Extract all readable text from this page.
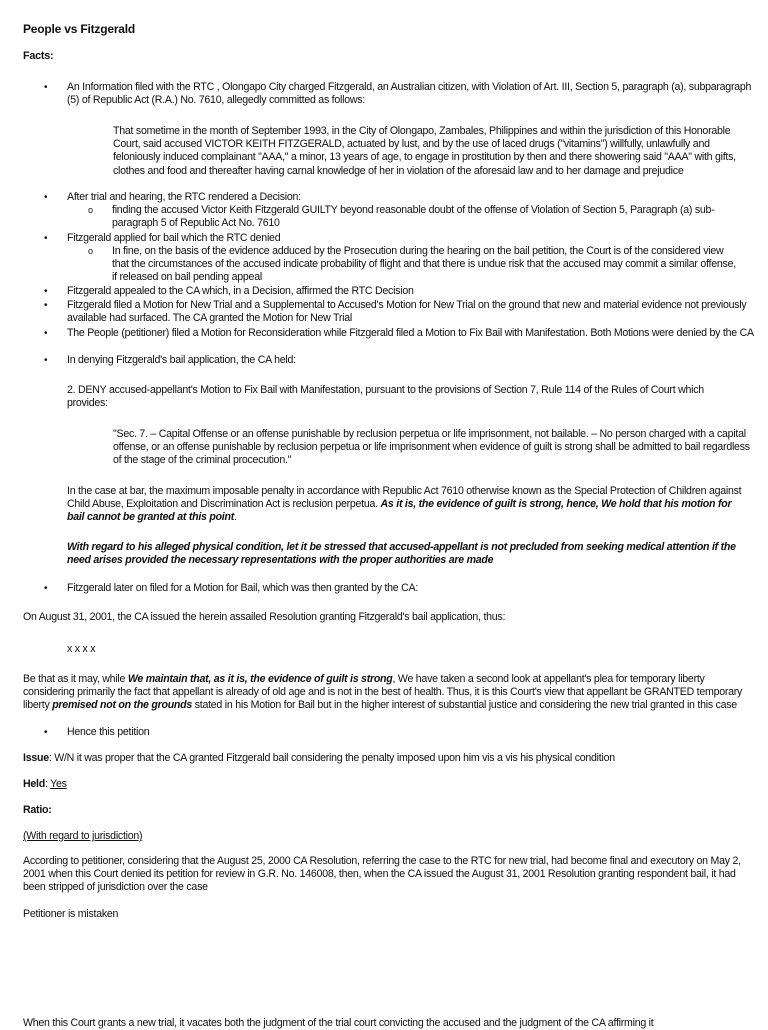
People vs Fitzgerald
Facts:
•	An Information filed with the RTC , Olongapo City charged Fitzgerald, an Australian citizen, with Violation of Art. III, Section 5, paragraph (a), subparagraph (5) of Republic Act (R.A.) No. 7610, allegedly committed as follows:
That sometime in the month of September 1993, in the City of Olongapo, Zambales, Philippines and within the jurisdiction of this Honorable Court, said accused VICTOR KEITH FITZGERALD, actuated by lust, and by the use of laced drugs ("vitamins") willfully, unlawfully and feloniously induced complainant "AAA," a minor, 13 years of age, to engage in prostitution by then and there showering said "AAA" with gifts, clothes and food and thereafter having carnal knowledge of her in violation of the aforesaid law and to her damage and prejudice
•	After trial and hearing, the RTC rendered a Decision:
o finding the accused Victor Keith Fitzgerald GUILTY beyond reasonable doubt of the offense of Violation of Section 5, Paragraph (a) sub-paragraph 5 of Republic Act No. 7610
•	Fitzgerald applied for bail which the RTC denied
o In fine, on the basis of the evidence adduced by the Prosecution during the hearing on the bail petition, the Court is of the considered view that the circumstances of the accused indicate probability of flight and that there is undue risk that the accused may commit a similar offense, if released on bail pending appeal
•	Fitzgerald appealed to the CA which, in a Decision, affirmed the RTC Decision
•	Fitzgerald filed a Motion for New Trial and a Supplemental to Accused's Motion for New Trial on the ground that new and material evidence not previously available had surfaced. The CA granted the Motion for New Trial
•	The People (petitioner) filed a Motion for Reconsideration while Fitzgerald filed a Motion to Fix Bail with Manifestation. Both Motions were denied by the CA
•	In denying Fitzgerald's bail application, the CA held:
2. DENY accused-appellant's Motion to Fix Bail with Manifestation, pursuant to the provisions of Section 7, Rule 114 of the Rules of Court which provides:
"Sec. 7. – Capital Offense or an offense punishable by reclusion perpetua or life imprisonment, not bailable. – No person charged with a capital offense, or an offense punishable by reclusion perpetua or life imprisonment when evidence of guilt is strong shall be admitted to bail regardless of the stage of the criminal procecution."
In the case at bar, the maximum imposable penalty in accordance with Republic Act 7610 otherwise known as the Special Protection of Children against Child Abuse, Exploitation and Discrimination Act is reclusion perpetua. As it is, the evidence of guilt is strong, hence, We hold that his motion for bail cannot be granted at this point.
With regard to his alleged physical condition, let it be stressed that accused-appellant is not precluded from seeking medical attention if the need arises provided the necessary representations with the proper authorities are made
•	Fitzgerald later on filed for a Motion for Bail, which was then granted by the CA:
On August 31, 2001, the CA issued the herein assailed Resolution granting Fitzgerald's bail application, thus:
x x x x
Be that as it may, while We maintain that, as it is, the evidence of guilt is strong, We have taken a second look at appellant's plea for temporary liberty considering primarily the fact that appellant is already of old age and is not in the best of health. Thus, it is this Court's view that appellant be GRANTED temporary liberty premised not on the grounds stated in his Motion for Bail but in the higher interest of substantial justice and considering the new trial granted in this case
•	Hence this petition
Issue: W/N it was proper that the CA granted Fitzgerald bail considering the penalty imposed upon him vis a vis his physical condition
Held: Yes
Ratio:
(With regard to jurisdiction)
According to petitioner, considering that the August 25, 2000 CA Resolution, referring the case to the RTC for new trial, had become final and executory on May 2, 2001 when this Court denied its petition for review in G.R. No. 146008, then, when the CA issued the August 31, 2001 Resolution granting respondent bail, it had been stripped of jurisdiction over the case
Petitioner is mistaken
When this Court grants a new trial, it vacates both the judgment of the trial court convicting the accused and the judgment of the CA affirming it
